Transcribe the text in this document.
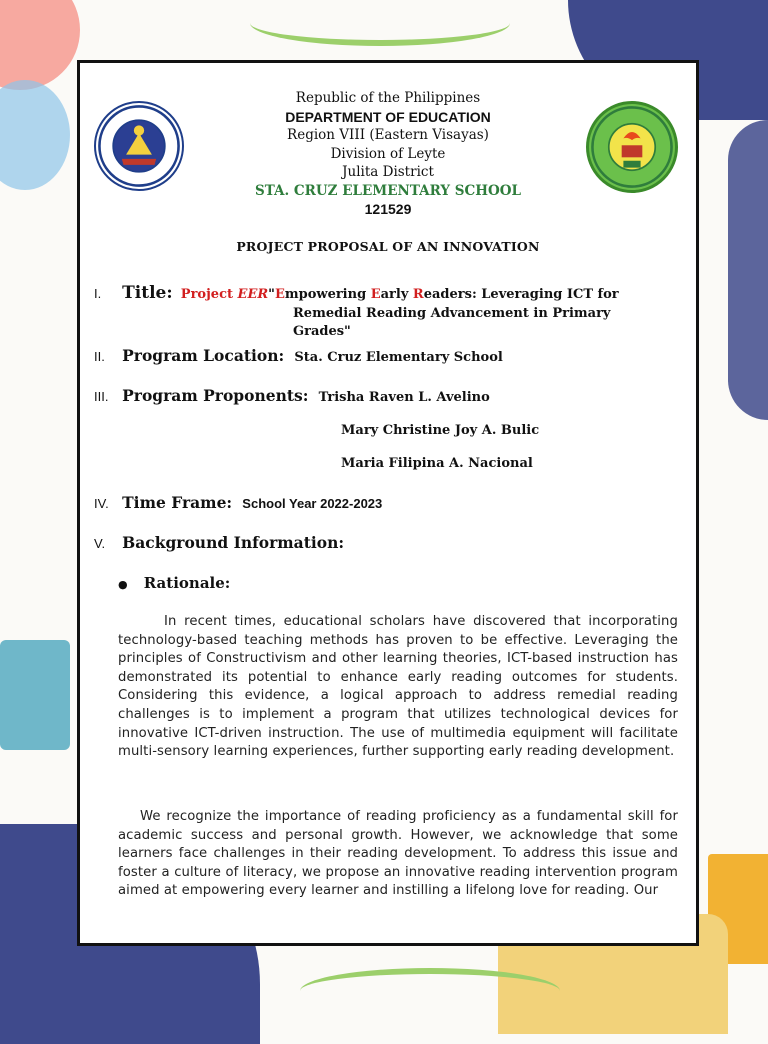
Republic of the Philippines
DEPARTMENT OF EDUCATION
Region VIII (Eastern Visayas)
Division of Leyte
Julita District
STA. CRUZ ELEMENTARY SCHOOL
121529
PROJECT PROPOSAL OF AN INNOVATION
I. Title: Project EER"Empowering Early Readers: Leveraging ICT for
Remedial Reading Advancement in Primary
Grades"
II. Program Location: Sta. Cruz Elementary School
III. Program Proponents: Trisha Raven L. Avelino
Mary Christine Joy A. Bulic
Maria Filipina A. Nacional
IV. Time Frame: School Year 2022-2023
V. Background Information:
● Rationale:
In recent times, educational scholars have discovered that incorporating technology-based teaching methods has proven to be effective. Leveraging the principles of Constructivism and other learning theories, ICT-based instruction has demonstrated its potential to enhance early reading outcomes for students. Considering this evidence, a logical approach to address remedial reading challenges is to implement a program that utilizes technological devices for innovative ICT-driven instruction. The use of multimedia equipment will facilitate multi-sensory learning experiences, further supporting early reading development.
We recognize the importance of reading proficiency as a fundamental skill for academic success and personal growth. However, we acknowledge that some learners face challenges in their reading development. To address this issue and foster a culture of literacy, we propose an innovative reading intervention program aimed at empowering every learner and instilling a lifelong love for reading. Our
